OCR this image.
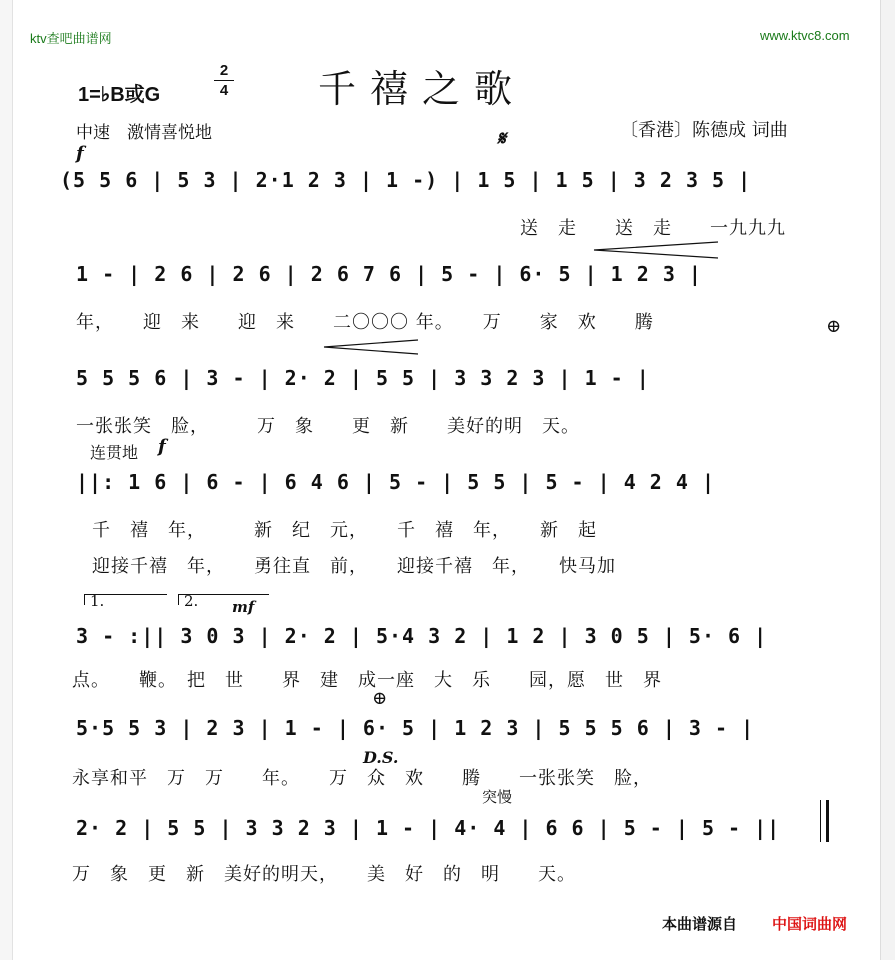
ktv查吧曲谱网	www.ktvc8.com
千禧之歌
1=♭B或G
2
4
中速　激情喜悦地	〔香港〕陈德成 词曲
f
𝄋
连贯地 f
mf
1.	2.
D.S.
突慢
(5 5 6 | 5 3 | 2·1 2 3 | 1 -) | 1 5 | 1 5 | 3 2 3 5 |
送　走　　送　走　　一九九九
1 - | 2 6 | 2 6 | 2 6 7 6 | 5 - | 6· 5 | 1 2 3 |
年，　　迎　来　　迎　来　　二〇〇〇 年。　　万　　家　欢　　腾
5 5 5 6 | 3 - | 2· 2 | 5 5 | 3 3 2 3 | 1 - |
一张张笑　脸，　　　万　象　　更　新　　美好的明　天。
||: 1 6 | 6 - | 6 4 6 | 5 - | 5 5 | 5 - | 4 2 4 |
千　禧　年，　　　新　纪　元，　　千　禧　年，　　新　起
迎接千禧　年，　　勇往直　前，　　迎接千禧　年，　　快马加
3 - :|| 3 0 3 | 2· 2 | 5·4 3 2 | 1 2 | 3 0 5 | 5· 6 |
点。　　鞭。　把　世　　界　建　成一座　大　乐　　园，愿　世　界
5·5 5 3 | 2 3 | 1 - | 6· 5 | 1 2 3 | 5 5 5 6 | 3 - |
永享和平　万　万　　年。　　万　众　欢　　腾　　一张张笑　脸，
2· 2 | 5 5 | 3 3 2 3 | 1 - | 4· 4 | 6 6 | 5 - | 5 - ||
万　象　更　新　美好的明天，　　美　好　的　明　　天。
⊕
⊕
本曲谱源自 中国词曲网
